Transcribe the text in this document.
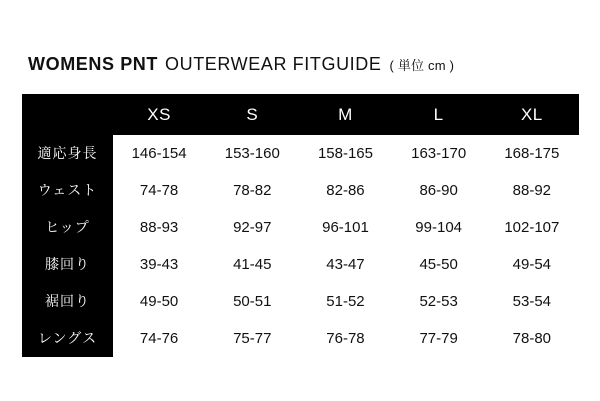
WOMENS PNT OUTERWEAR FITGUIDE ( 単位 cm )
	XS	S	M	L	XL
適応身長	146-154	153-160	158-165	163-170	168-175
ウェスト	74-78	78-82	82-86	86-90	88-92
ヒップ	88-93	92-97	96-101	99-104	102-107
膝回り	39-43	41-45	43-47	45-50	49-54
裾回り	49-50	50-51	51-52	52-53	53-54
レングス	74-76	75-77	76-78	77-79	78-80
